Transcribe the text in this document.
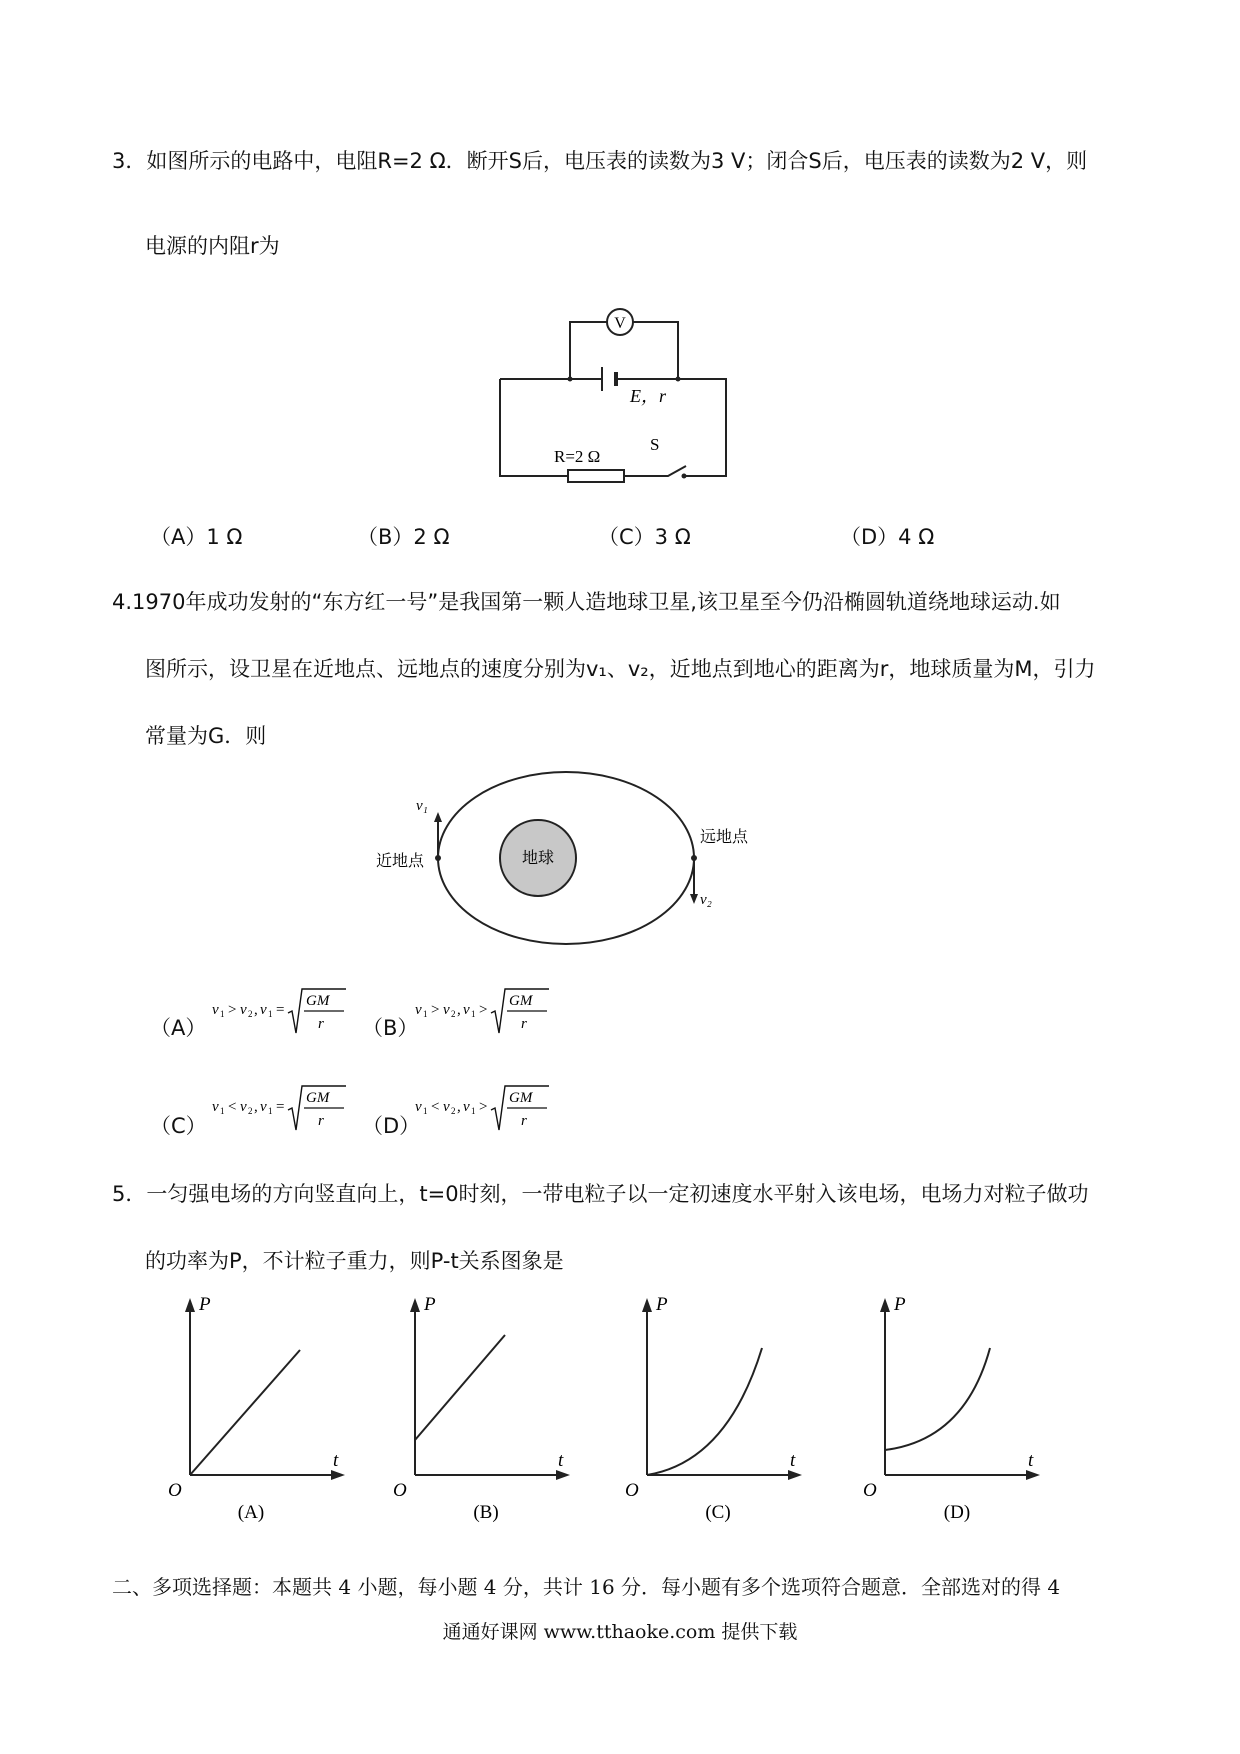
3．如图所示的电路中，电阻R=2 Ω．断开S后，电压表的读数为3 V；闭合S后，电压表的读数为2 V，则
电源的内阻r为
V
E，r
R=2 Ω
S
（A）1 Ω	（B）2 Ω	（C）3 Ω	（D）4 Ω
4.1970年成功发射的“东方红一号”是我国第一颗人造地球卫星,该卫星至今仍沿椭圆轨道绕地球运动.如
图所示，设卫星在近地点、远地点的速度分别为v₁、v₂，近地点到地心的距离为r，地球质量为M，引力
常量为G．则
地球
近地点
远地点
v₁
v₂
（A）
v 1 > v 2 , v 1 =
GM
r （B）
v 1 > v 2 , v 1 >
GM
r
（C）
v 1 < v 2 , v 1 =
GM
r （D）
v 1 < v 2 , v 1 >
GM
r
5．一匀强电场的方向竖直向上，t=0时刻，一带电粒子以一定初速度水平射入该电场，电场力对粒子做功
的功率为P，不计粒子重力，则P-t关系图象是
P
t
O
(A)
P
t
O
(B)
P
t
O
(C)
P
t
O
(D)
二、多项选择题：本题共 4 小题，每小题 4 分，共计 16 分．每小题有多个选项符合题意．全部选对的得 4
通通好课网 www.tthaoke.com 提供下载
